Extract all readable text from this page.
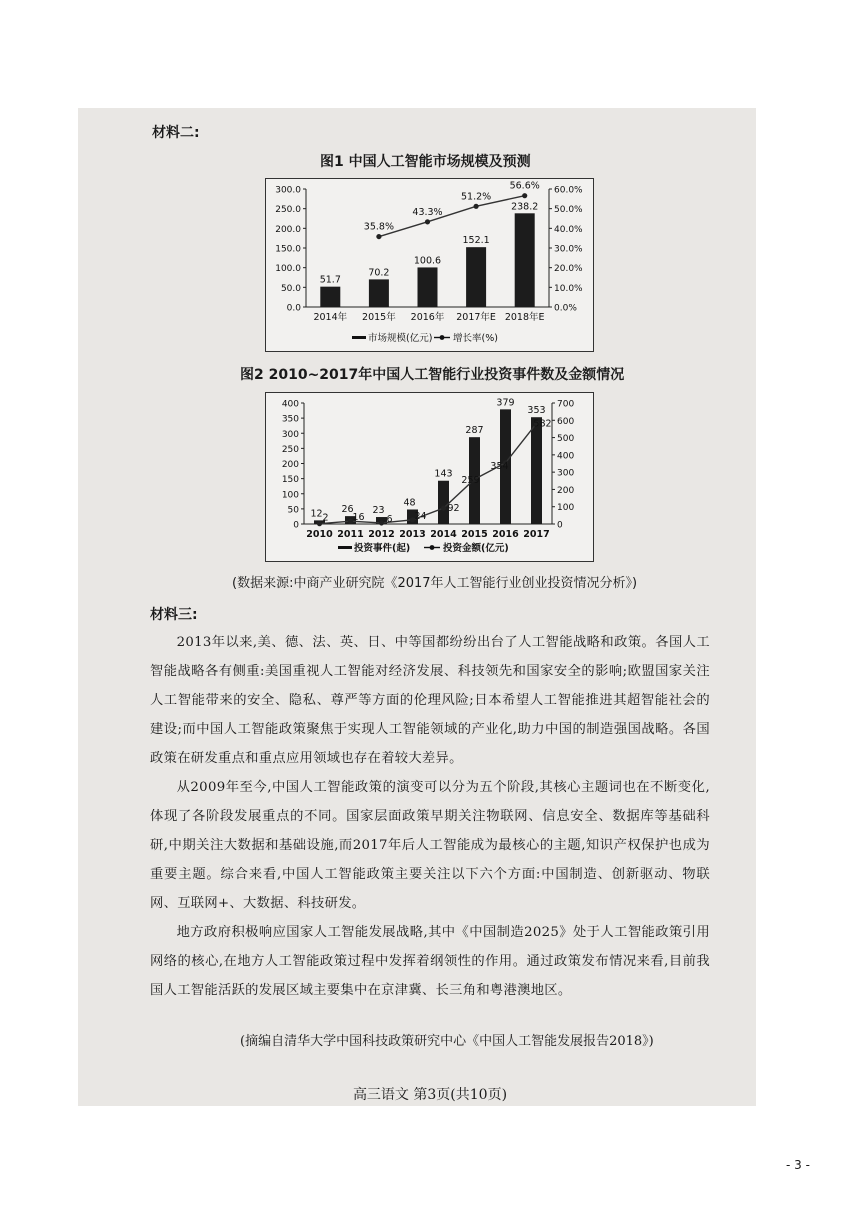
材料二:
图1 中国人工智能市场规模及预测
300.0
250.0
200.0
150.0
100.0
50.0
0.0
60.0%
50.0%
40.0%
30.0%
20.0%
10.0%
0.0%
51.7
2014年
70.2
2015年
100.6
2016年
152.1
2017年E
238.2
2018年E
35.8%
43.3%
51.2%
56.6%
市场规模(亿元) 增长率(%)
图2 2010~2017年中国人工智能行业投资事件数及金额情况
400
350
300
250
200
150
100
50
0
700
600
500
400
300
200
100
0
12
2010
26
2011
23
2012
48
2013
143
2014
287
2015
379
2016
353
2017
2	16 6 24
92
259
354
582
投资事件(起)	投资金额(亿元)
(数据来源:中商产业研究院《2017年人工智能行业创业投资情况分析》)
材料三:

2013年以来,美、德、法、英、日、中等国都纷纷出台了人工智能战略和政策。各国人工智能战略各有侧重:美国重视人工智能对经济发展、科技领先和国家安全的影响;欧盟国家关注人工智能带来的安全、隐私、尊严等方面的伦理风险;日本希望人工智能推进其超智能社会的建设;而中国人工智能政策聚焦于实现人工智能领域的产业化,助力中国的制造强国战略。各国政策在研发重点和重点应用领域也存在着较大差异。

从2009年至今,中国人工智能政策的演变可以分为五个阶段,其核心主题词也在不断变化,体现了各阶段发展重点的不同。国家层面政策早期关注物联网、信息安全、数据库等基础科研,中期关注大数据和基础设施,而2017年后人工智能成为最核心的主题,知识产权保护也成为重要主题。综合来看,中国人工智能政策主要关注以下六个方面:中国制造、创新驱动、物联网、互联网+、大数据、科技研发。

地方政府积极响应国家人工智能发展战略,其中《中国制造2025》处于人工智能政策引用网络的核心,在地方人工智能政策过程中发挥着纲领性的作用。通过政策发布情况来看,目前我国人工智能活跃的发展区域主要集中在京津冀、长三角和粤港澳地区。

(摘编自清华大学中国科技政策研究中心《中国人工智能发展报告2018》)
高三语文 第3页(共10页)
- 3 -
